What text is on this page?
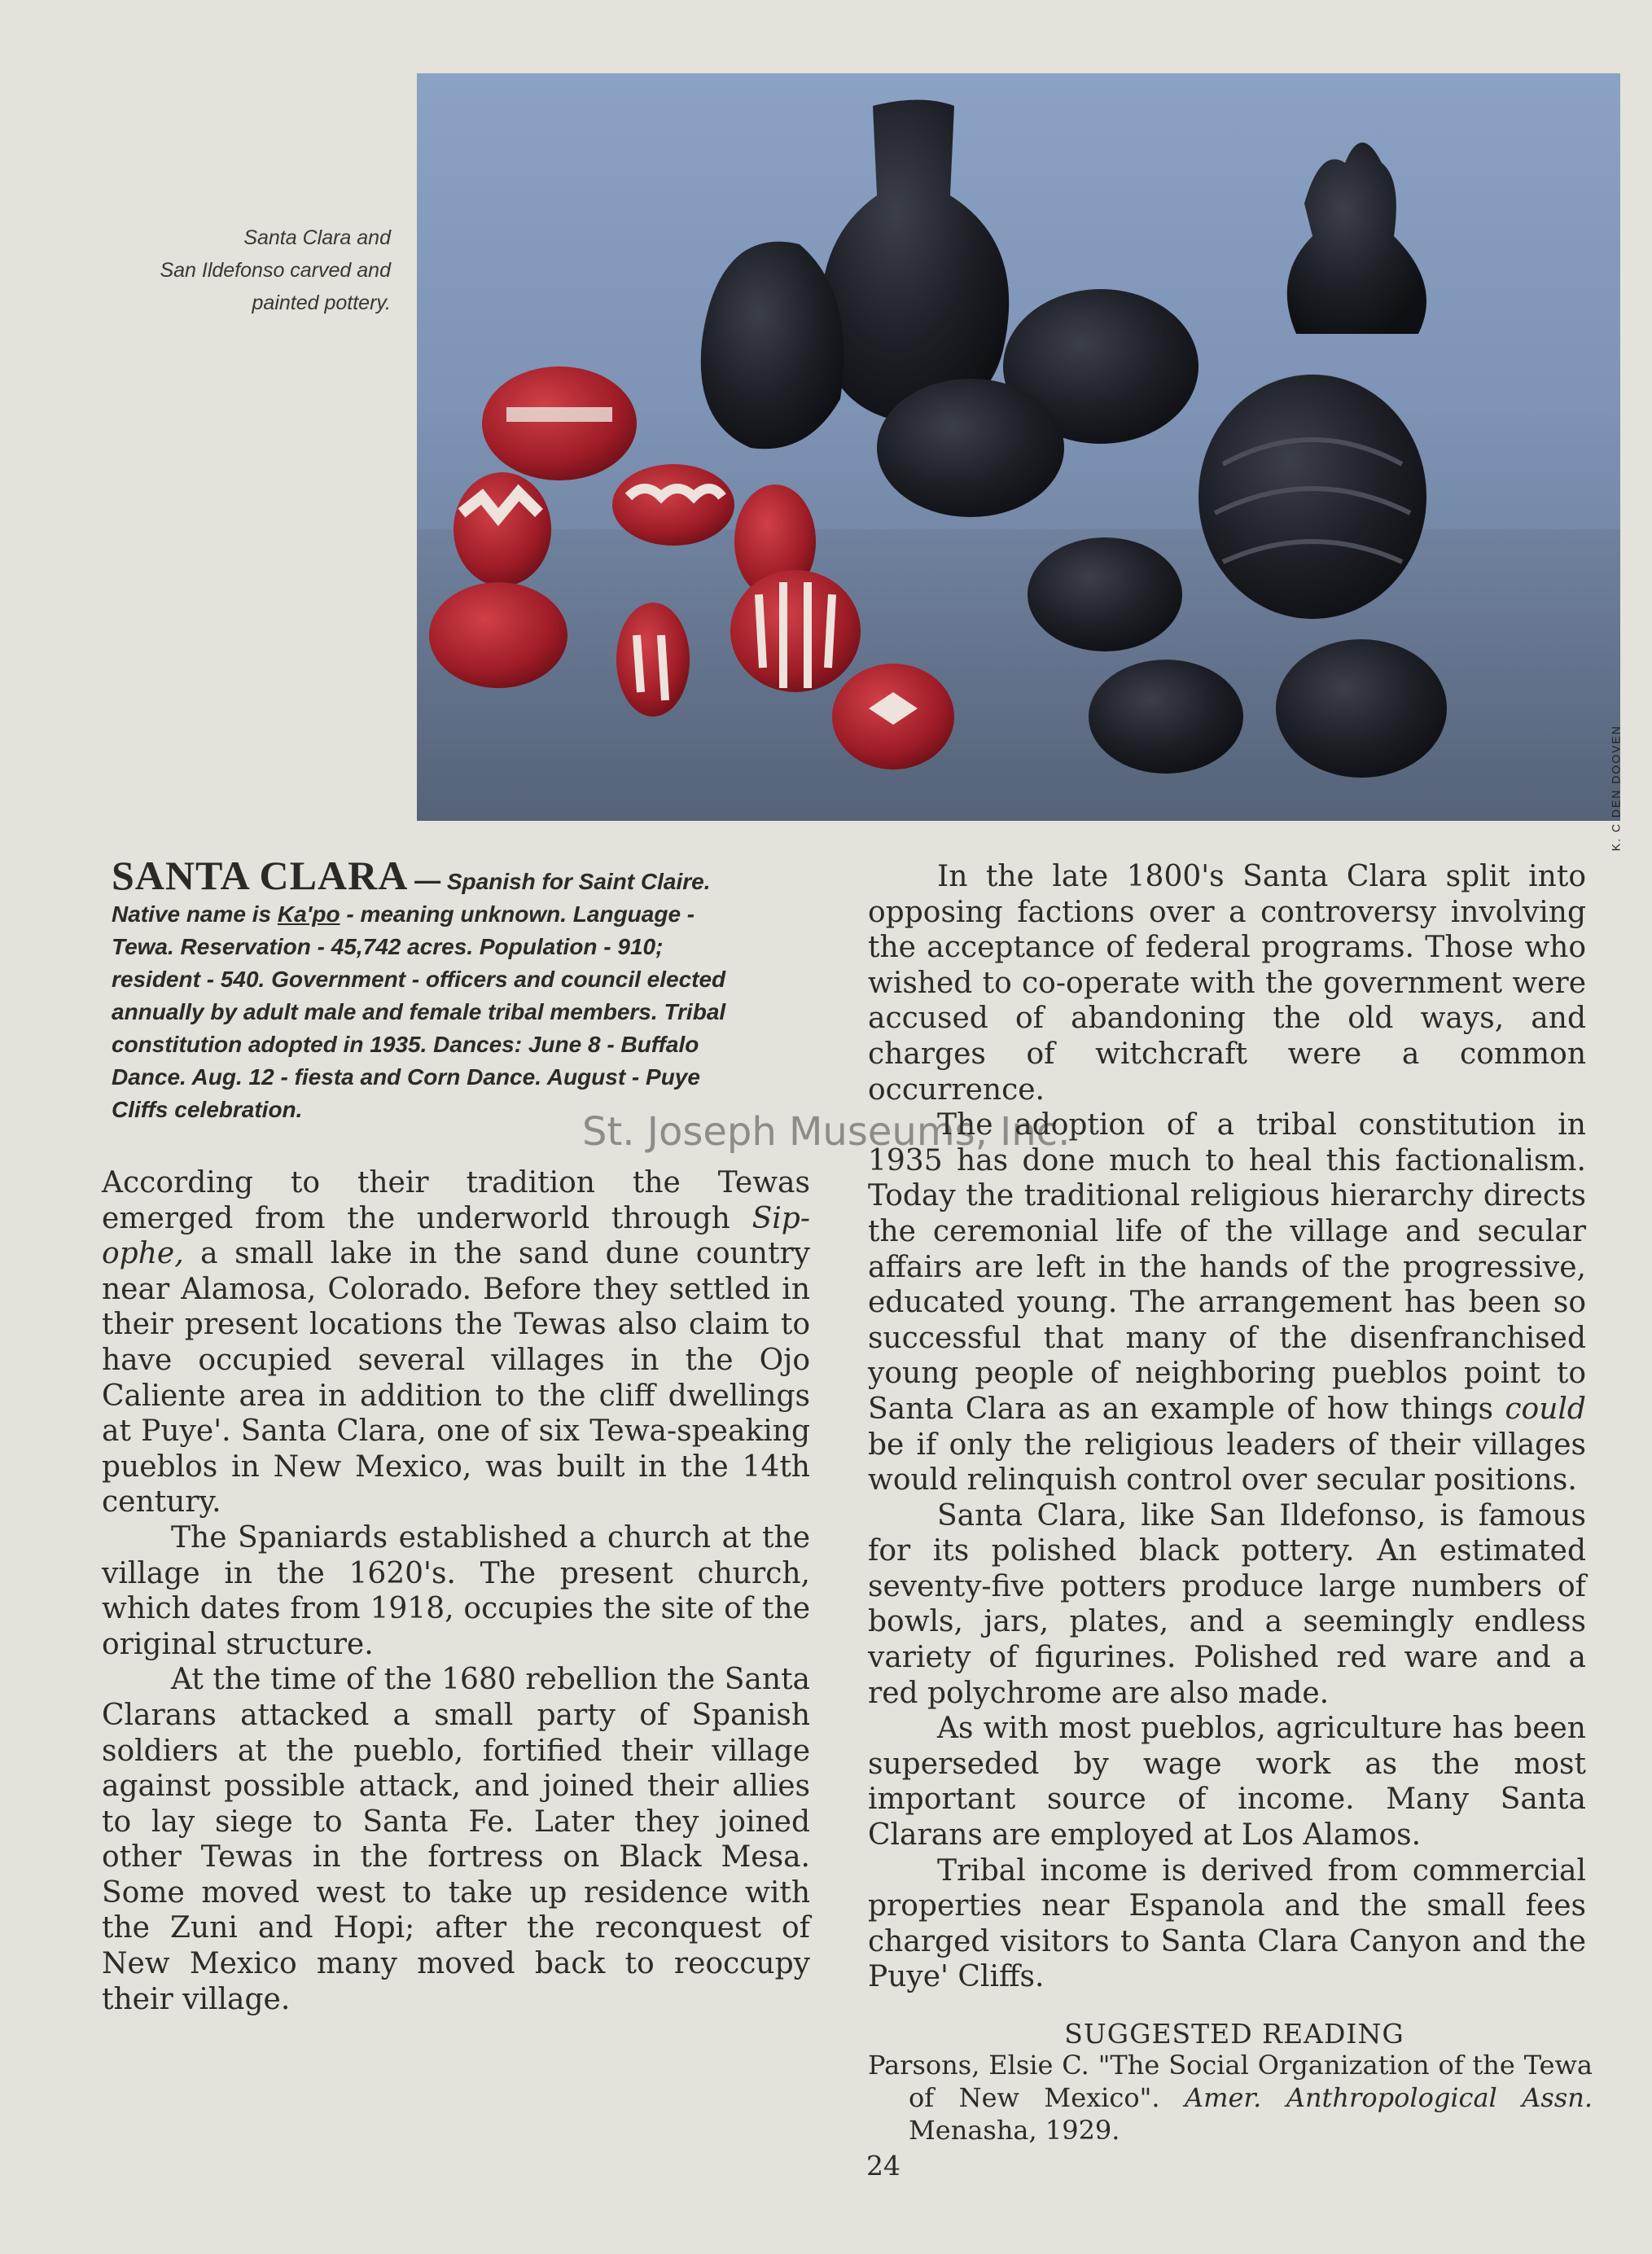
Santa Clara and
San Ildefonso carved and
painted pottery.
K. C DEN DOOVEN
SANTA CLARA — Spanish for Saint Claire.
Native name is Ka'po - meaning unknown. Language -
Tewa. Reservation - 45,742 acres. Population - 910;
resident - 540. Government - officers and council elected
annually by adult male and female tribal members. Tribal
constitution adopted in 1935. Dances: June 8 - Buffalo
Dance. Aug. 12 - fiesta and Corn Dance. August - Puye
Cliffs celebration.	St. Joseph Museums, Inc.

According to their tradition the Tewas emerged from the underworld through Sip-ophe, a small lake in the sand dune country near Alamosa, Colorado. Before they settled in their present locations the Tewas also claim to have occupied several villages in the Ojo Caliente area in addition to the cliff dwellings at Puye'. Santa Clara, one of six Tewa-speaking pueblos in New Mexico, was built in the 14th century.

The Spaniards established a church at the village in the 1620's. The present church, which dates from 1918, occupies the site of the original structure.

At the time of the 1680 rebellion the Santa Clarans attacked a small party of Spanish soldiers at the pueblo, fortified their village against possible attack, and joined their allies to lay siege to Santa Fe. Later they joined other Tewas in the fortress on Black Mesa. Some moved west to take up residence with the Zuni and Hopi; after the reconquest of New Mexico many moved back to reoccupy their village.

In the late 1800's Santa Clara split into opposing factions over a controversy involving the acceptance of federal programs. Those who wished to co-operate with the government were accused of abandoning the old ways, and charges of witchcraft were a common occurrence.

The adoption of a tribal constitution in 1935 has done much to heal this factionalism. Today the traditional religious hierarchy directs the ceremonial life of the village and secular affairs are left in the hands of the progressive, educated young. The arrangement has been so successful that many of the disenfranchised young people of neighboring pueblos point to Santa Clara as an example of how things could be if only the religious leaders of their villages would relinquish control over secular positions.

Santa Clara, like San Ildefonso, is famous for its polished black pottery. An estimated seventy-five potters produce large numbers of bowls, jars, plates, and a seemingly endless variety of figurines. Polished red ware and a red polychrome are also made.

As with most pueblos, agriculture has been superseded by wage work as the most important source of income. Many Santa Clarans are employed at Los Alamos.

Tribal income is derived from commercial properties near Espanola and the small fees charged visitors to Santa Clara Canyon and the Puye' Cliffs.

SUGGESTED READING
Parsons, Elsie C. "The Social Organization of the Tewa of New Mexico". Amer. Anthropological Assn. Menasha, 1929.
24
